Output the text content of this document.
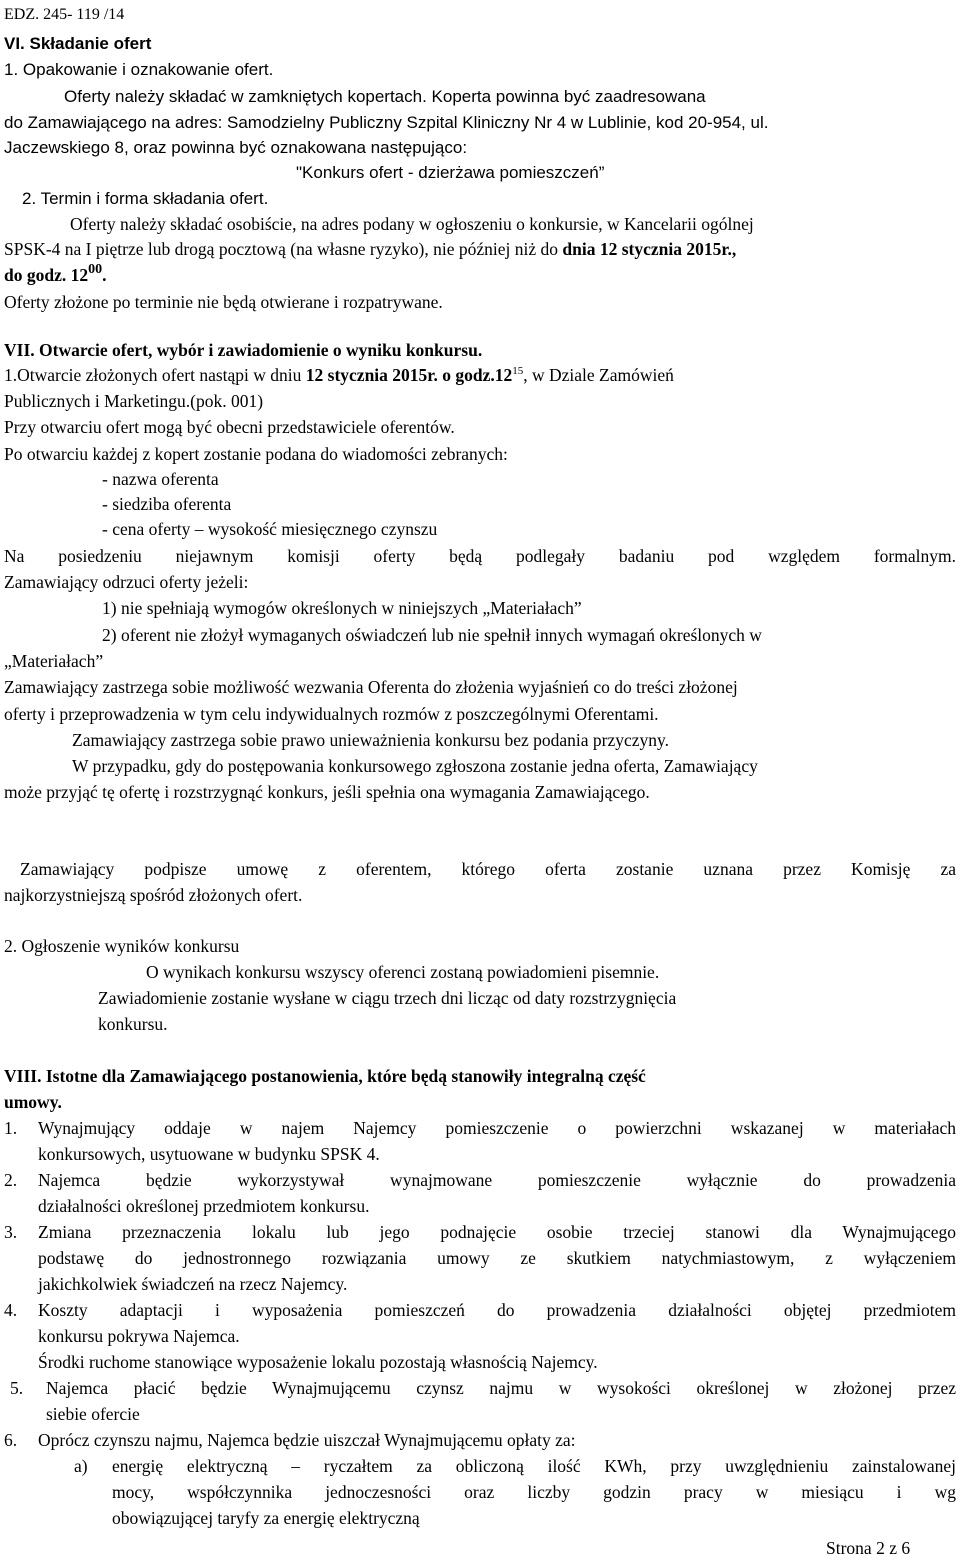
EDZ. 245- 119 /14
VI. Składanie ofert
1. Opakowanie i oznakowanie ofert.
Oferty należy składać w zamkniętych kopertach. Koperta powinna być zaadresowana
do Zamawiającego na adres: Samodzielny Publiczny Szpital Kliniczny Nr 4 w Lublinie, kod 20-954, ul.
Jaczewskiego 8, oraz powinna być oznakowana następująco:
"Konkurs ofert - dzierżawa pomieszczeń”
2. Termin i forma składania ofert.
Oferty należy składać osobiście, na adres podany w ogłoszeniu o konkursie, w Kancelarii ogólnej
SPSK-4 na I piętrze lub drogą pocztową (na własne ryzyko), nie później niż do dnia 12 stycznia 2015r.,
do godz. $12^{00}$.
Oferty złożone po terminie nie będą otwierane i rozpatrywane.
VII. Otwarcie ofert, wybór i zawiadomienie o wyniku konkursu.
1.Otwarcie złożonych ofert nastąpi w dniu 12 stycznia 2015r. o $godz.12^{15}$, w Dziale Zamówień
Publicznych i Marketingu.(pok. 001)
Przy otwarciu ofert mogą być obecni przedstawiciele oferentów.
Po otwarciu każdej z kopert zostanie podana do wiadomości zebranych:
- nazwa oferenta
- siedziba oferenta
- cena oferty – wysokość miesięcznego czynszu
Na posiedzeniu niejawnym komisji oferty będą podlegały badaniu pod względem formalnym.
Zamawiający odrzuci oferty jeżeli:
1) nie spełniają wymogów określonych w niniejszych „Materiałach”
2) oferent nie złożył wymaganych oświadczeń lub nie spełnił innych wymagań określonych w
„Materiałach”
Zamawiający zastrzega sobie możliwość wezwania Oferenta do złożenia wyjaśnień co do treści złożonej
oferty i przeprowadzenia w tym celu indywidualnych rozmów z poszczególnymi Oferentami.
Zamawiający zastrzega sobie prawo unieważnienia konkursu bez podania przyczyny.
W przypadku, gdy do postępowania konkursowego zgłoszona zostanie jedna oferta, Zamawiający
może przyjąć tę ofertę i rozstrzygnąć konkurs, jeśli spełnia ona wymagania Zamawiającego.
Zamawiający podpisze umowę z oferentem, którego oferta zostanie uznana przez Komisję za
najkorzystniejszą spośród złożonych ofert.
2. Ogłoszenie wyników konkursu
O wynikach konkursu wszyscy oferenci zostaną powiadomieni pisemnie.
Zawiadomienie zostanie wysłane w ciągu trzech dni licząc od daty rozstrzygnięcia
konkursu.
VIII. Istotne dla Zamawiającego postanowienia, które będą stanowiły integralną część
umowy.
1. Wynajmujący oddaje w najem Najemcy pomieszczenie o powierzchni wskazanej w materiałach
konkursowych, usytuowane w budynku SPSK 4.
2. Najemca będzie wykorzystywał wynajmowane pomieszczenie wyłącznie do prowadzenia
działalności określonej przedmiotem konkursu.
3. Zmiana przeznaczenia lokalu lub jego podnajęcie osobie trzeciej stanowi dla Wynajmującego
podstawę do jednostronnego rozwiązania umowy ze skutkiem natychmiastowym, z wyłączeniem
jakichkolwiek świadczeń na rzecz Najemcy.
4. Koszty adaptacji i wyposażenia pomieszczeń do prowadzenia działalności objętej przedmiotem
konkursu pokrywa Najemca.
Środki ruchome stanowiące wyposażenie lokalu pozostają własnością Najemcy.
5. Najemca płacić będzie Wynajmującemu czynsz najmu w wysokości określonej w złożonej przez
siebie ofercie
6. Oprócz czynszu najmu, Najemca będzie uiszczał Wynajmującemu opłaty za:
a) energię elektryczną – ryczałtem za obliczoną ilość KWh, przy uwzględnieniu zainstalowanej
mocy, współczynnika jednoczesności oraz liczby godzin pracy w miesiącu i wg
obowiązującej taryfy za energię elektryczną
Strona 2 z 6
